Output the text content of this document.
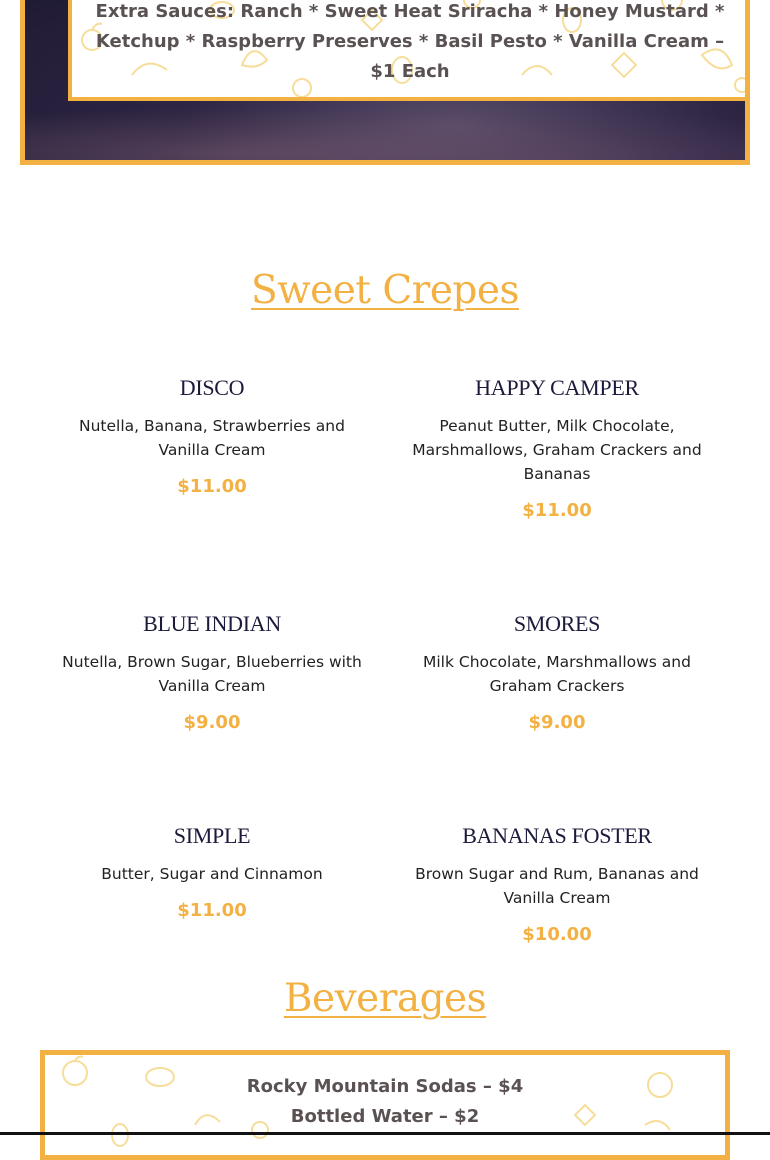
Extra Sauces: Ranch * Sweet Heat Sriracha * Honey Mustard * Ketchup * Raspberry Preserves * Basil Pesto * Vanilla Cream – $1 Each
Sweet Crepes
DISCO
Nutella, Banana, Strawberries and Vanilla Cream
$11.00
HAPPY CAMPER
Peanut Butter, Milk Chocolate, Marshmallows, Graham Crackers and Bananas
$11.00
BLUE INDIAN
Nutella, Brown Sugar, Blueberries with Vanilla Cream
$9.00
SMORES
Milk Chocolate, Marshmallows and Graham Crackers
$9.00
SIMPLE
Butter, Sugar and Cinnamon
$11.00
BANANAS FOSTER
Brown Sugar and Rum, Bananas and Vanilla Cream
$10.00
Beverages
Rocky Mountain Sodas – $4
Bottled Water – $2
